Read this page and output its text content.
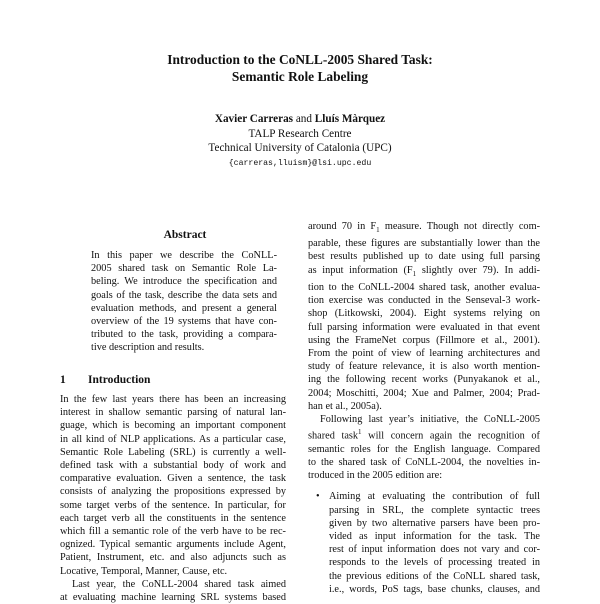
Introduction to the CoNLL-2005 Shared Task:
Semantic Role Labeling
Xavier Carreras and Lluís Màrquez
TALP Research Centre
Technical University of Catalonia (UPC)
{carreras,lluism}@lsi.upc.edu
Abstract
In this paper we describe the CoNLL-
2005 shared task on Semantic Role La-
beling. We introduce the specification and
goals of the task, describe the data sets and
evaluation methods, and present a general
overview of the 19 systems that have con-
tributed to the task, providing a compara-
tive description and results.
1 Introduction
In the few last years there has been an increasing
interest in shallow semantic parsing of natural lan-
guage, which is becoming an important component
in all kind of NLP applications. As a particular case,
Semantic Role Labeling (SRL) is currently a well-
defined task with a substantial body of work and
comparative evaluation. Given a sentence, the task
consists of analyzing the propositions expressed by
some target verbs of the sentence. In particular, for
each target verb all the constituents in the sentence
which fill a semantic role of the verb have to be rec-
ognized. Typical semantic arguments include Agent,
Patient, Instrument, etc. and also adjuncts such as
Locative, Temporal, Manner, Cause, etc.
Last year, the CoNLL-2004 shared task aimed
at evaluating machine learning SRL systems based
around 70 in $F_1$ measure. Though not directly com-
parable, these figures are substantially lower than the
best results published up to date using full parsing
as input information ($F_1$ slightly over 79). In addi-
tion to the CoNLL-2004 shared task, another evalua-
tion exercise was conducted in the Senseval-3 work-
shop (Litkowski, 2004). Eight systems relying on
full parsing information were evaluated in that event
using the FrameNet corpus (Fillmore et al., 2001).
From the point of view of learning architectures and
study of feature relevance, it is also worth mention-
ing the following recent works (Punyakanok et al.,
2004; Moschitti, 2004; Xue and Palmer, 2004; Prad-
han et al., 2005a).
Following last year’s initiative, the CoNLL-2005
shared task$^1$ will concern again the recognition of
semantic roles for the English language. Compared
to the shared task of CoNLL-2004, the novelties in-
troduced in the 2005 edition are:
• Aiming at evaluating the contribution of full
parsing in SRL, the complete syntactic trees
given by two alternative parsers have been pro-
vided as input information for the task. The
rest of input information does not vary and cor-
responds to the levels of processing treated in
the previous editions of the CoNLL shared task,
i.e., words, PoS tags, base chunks, clauses, and
